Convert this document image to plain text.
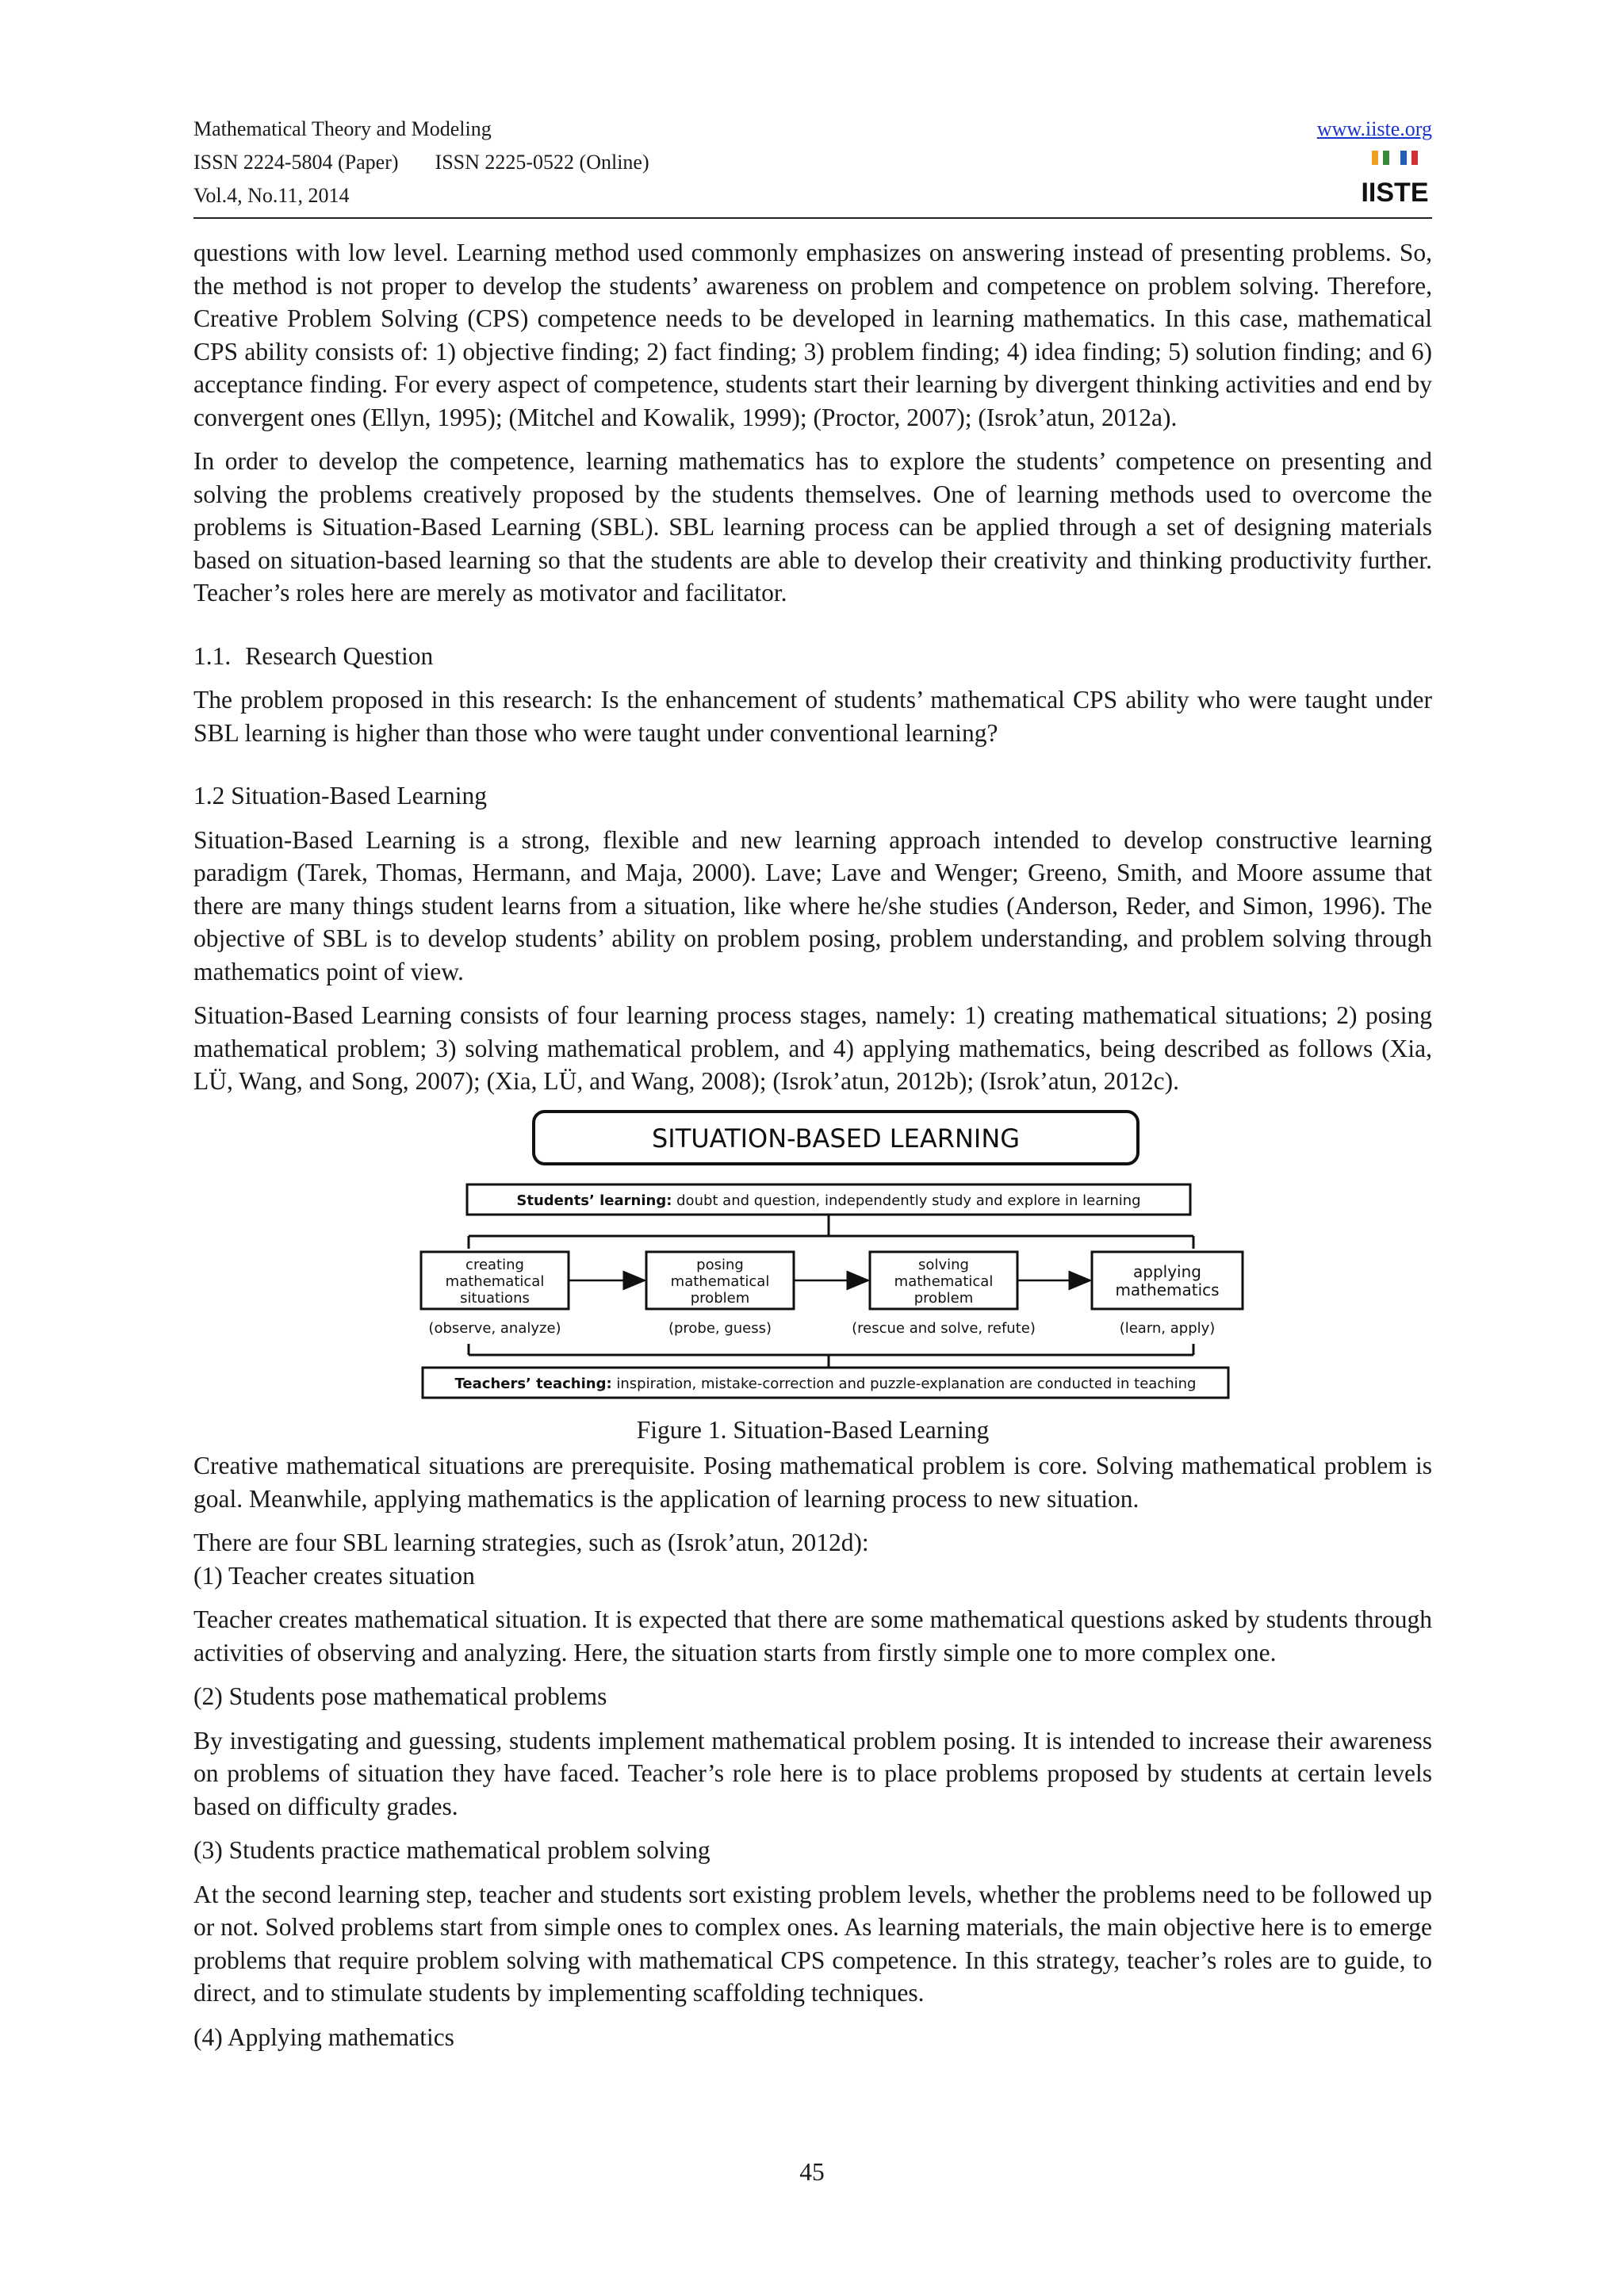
Mathematical Theory and Modeling
ISSN 2224-5804 (Paper) ISSN 2225-0522 (Online)
Vol.4, No.11, 2014
www.iiste.org
IISTE

questions with low level. Learning method used commonly emphasizes on answering instead of presenting problems. So, the method is not proper to develop the students’ awareness on problem and competence on problem solving. Therefore, Creative Problem Solving (CPS) competence needs to be developed in learning mathematics. In this case, mathematical CPS ability consists of: 1) objective finding; 2) fact finding; 3) problem finding; 4) idea finding; 5) solution finding; and 6) acceptance finding. For every aspect of competence, students start their learning by divergent thinking activities and end by convergent ones (Ellyn, 1995); (Mitchel and Kowalik, 1999); (Proctor, 2007); (Isrok’atun, 2012a).

In order to develop the competence, learning mathematics has to explore the students’ competence on presenting and solving the problems creatively proposed by the students themselves. One of learning methods used to overcome the problems is Situation-Based Learning (SBL). SBL learning process can be applied through a set of designing materials based on situation-based learning so that the students are able to develop their creativity and thinking productivity further. Teacher’s roles here are merely as motivator and facilitator.

1.1. Research Question

The problem proposed in this research: Is the enhancement of students’ mathematical CPS ability who were taught under SBL learning is higher than those who were taught under conventional learning?

1.2 Situation-Based Learning

Situation-Based Learning is a strong, flexible and new learning approach intended to develop constructive learning paradigm (Tarek, Thomas, Hermann, and Maja, 2000). Lave; Lave and Wenger; Greeno, Smith, and Moore assume that there are many things student learns from a situation, like where he/she studies (Anderson, Reder, and Simon, 1996). The objective of SBL is to develop students’ ability on problem posing, problem understanding, and problem solving through mathematics point of view.

Situation-Based Learning consists of four learning process stages, namely: 1) creating mathematical situations; 2) posing mathematical problem; 3) solving mathematical problem, and 4) applying mathematics, being described as follows (Xia, LÜ, Wang, and Song, 2007); (Xia, LÜ, and Wang, 2008); (Isrok’atun, 2012b); (Isrok’atun, 2012c).

SITUATION-BASED LEARNING
Students’ learning: doubt and question, independently study and explore in learning
creating mathematical situations
posing mathematical problem
solving mathematical problem
applying mathematics
(observe, analyze)	(probe, guess)	(rescue and solve, refute)	(learn, apply)
Teachers’ teaching: inspiration, mistake-correction and puzzle-explanation are conducted in teaching
Figure 1. Situation-Based Learning

Creative mathematical situations are prerequisite. Posing mathematical problem is core. Solving mathematical problem is goal. Meanwhile, applying mathematics is the application of learning process to new situation.

There are four SBL learning strategies, such as (Isrok’atun, 2012d):

(1) Teacher creates situation

Teacher creates mathematical situation. It is expected that there are some mathematical questions asked by students through activities of observing and analyzing. Here, the situation starts from firstly simple one to more complex one.

(2) Students pose mathematical problems

By investigating and guessing, students implement mathematical problem posing. It is intended to increase their awareness on problems of situation they have faced. Teacher’s role here is to place problems proposed by students at certain levels based on difficulty grades.

(3) Students practice mathematical problem solving

At the second learning step, teacher and students sort existing problem levels, whether the problems need to be followed up or not. Solved problems start from simple ones to complex ones. As learning materials, the main objective here is to emerge problems that require problem solving with mathematical CPS competence. In this strategy, teacher’s roles are to guide, to direct, and to stimulate students by implementing scaffolding techniques.

(4) Applying mathematics

45
